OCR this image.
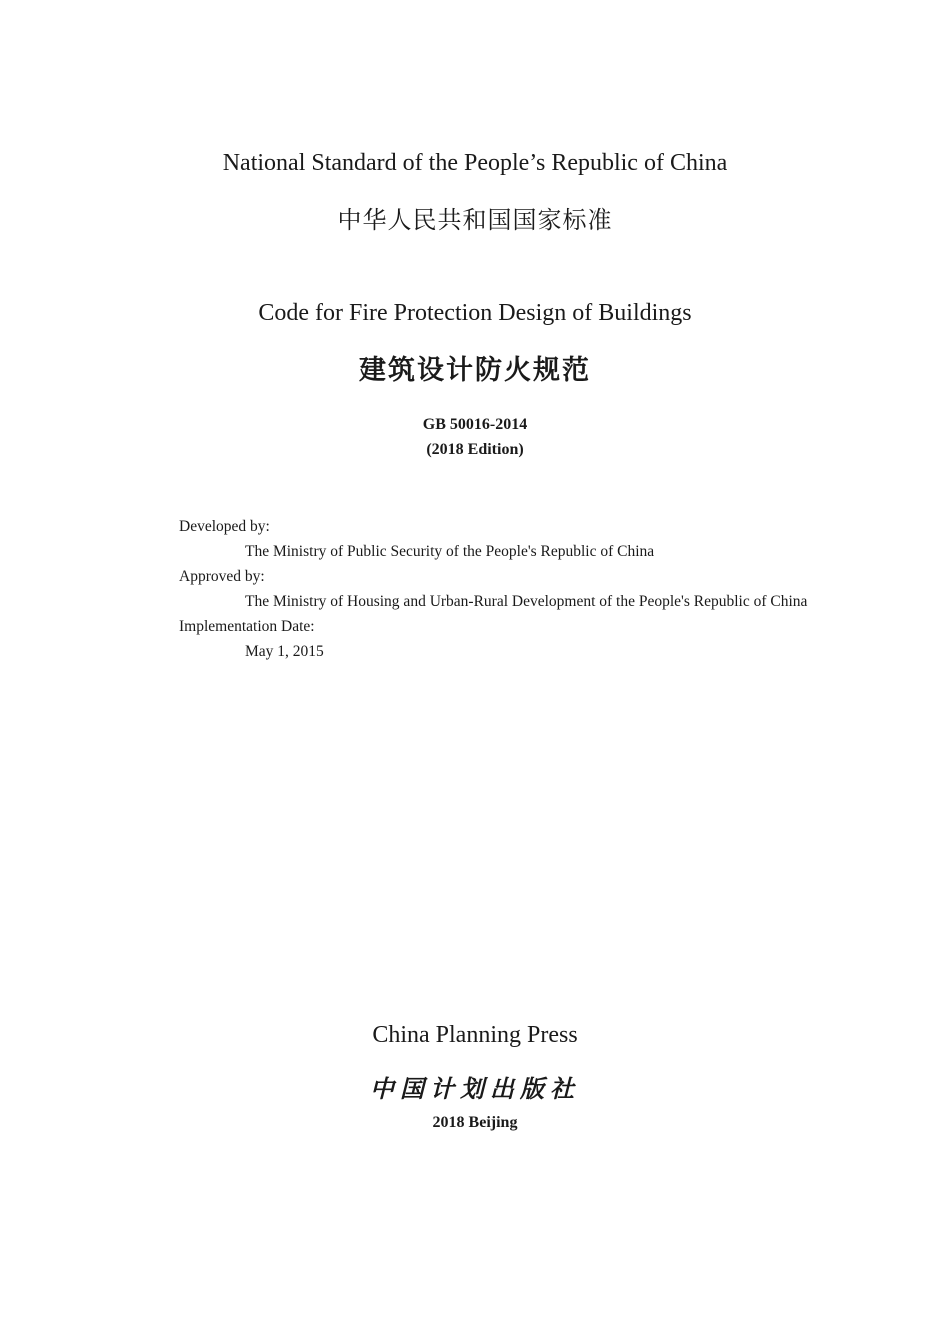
National Standard of the People’s Republic of China
中华人民共和国国家标准
Code for Fire Protection Design of Buildings
建筑设计防火规范
GB 50016-2014
(2018 Edition)

Developed by:

The Ministry of Public Security of the People's Republic of China

Approved by:

The Ministry of Housing and Urban-Rural Development of the People's Republic of China

Implementation Date:

May 1, 2015

China Planning Press
中国计划出版社
2018 Beijing
